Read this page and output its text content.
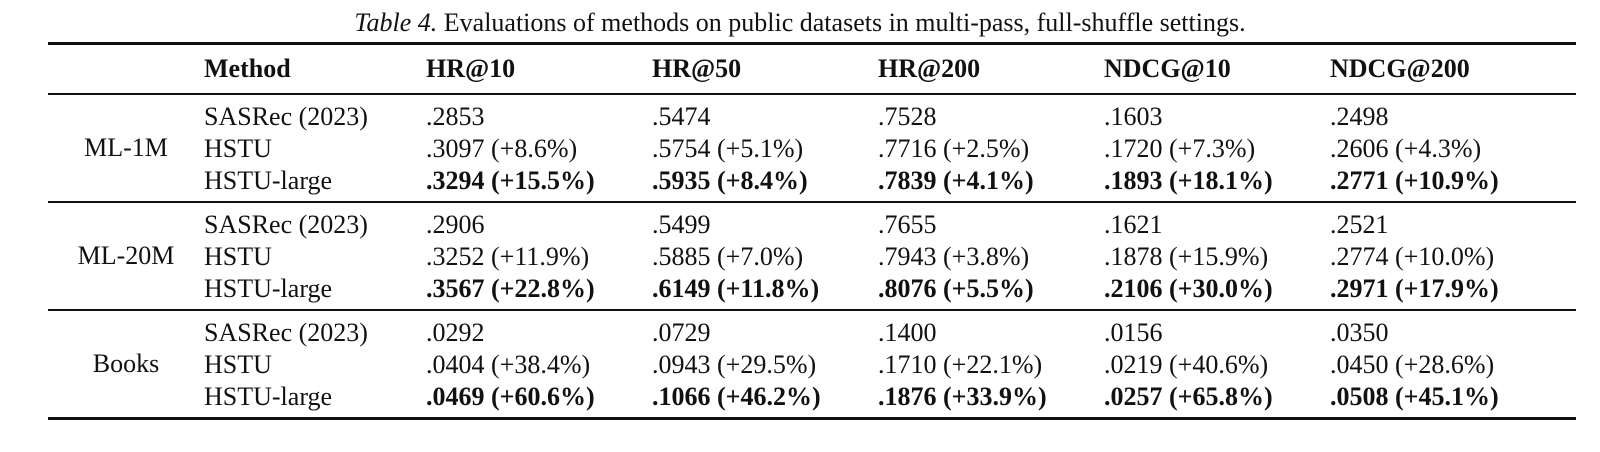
Table 4. Evaluations of methods on public datasets in multi-pass, full-shuffle settings.
	Method	HR@10	HR@50	HR@200	NDCG@10	NDCG@200
ML-1M	SASRec (2023)	.2853	.5474	.7528	.1603	.2498
	HSTU	.3097 (+8.6%)	.5754 (+5.1%)	.7716 (+2.5%)	.1720 (+7.3%)	.2606 (+4.3%)
	HSTU-large	.3294 (+15.5%)	.5935 (+8.4%)	.7839 (+4.1%)	.1893 (+18.1%)	.2771 (+10.9%)
ML-20M	SASRec (2023)	.2906	.5499	.7655	.1621	.2521
	HSTU	.3252 (+11.9%)	.5885 (+7.0%)	.7943 (+3.8%)	.1878 (+15.9%)	.2774 (+10.0%)
	HSTU-large	.3567 (+22.8%)	.6149 (+11.8%)	.8076 (+5.5%)	.2106 (+30.0%)	.2971 (+17.9%)
Books	SASRec (2023)	.0292	.0729	.1400	.0156	.0350
	HSTU	.0404 (+38.4%)	.0943 (+29.5%)	.1710 (+22.1%)	.0219 (+40.6%)	.0450 (+28.6%)
	HSTU-large	.0469 (+60.6%)	.1066 (+46.2%)	.1876 (+33.9%)	.0257 (+65.8%)	.0508 (+45.1%)
